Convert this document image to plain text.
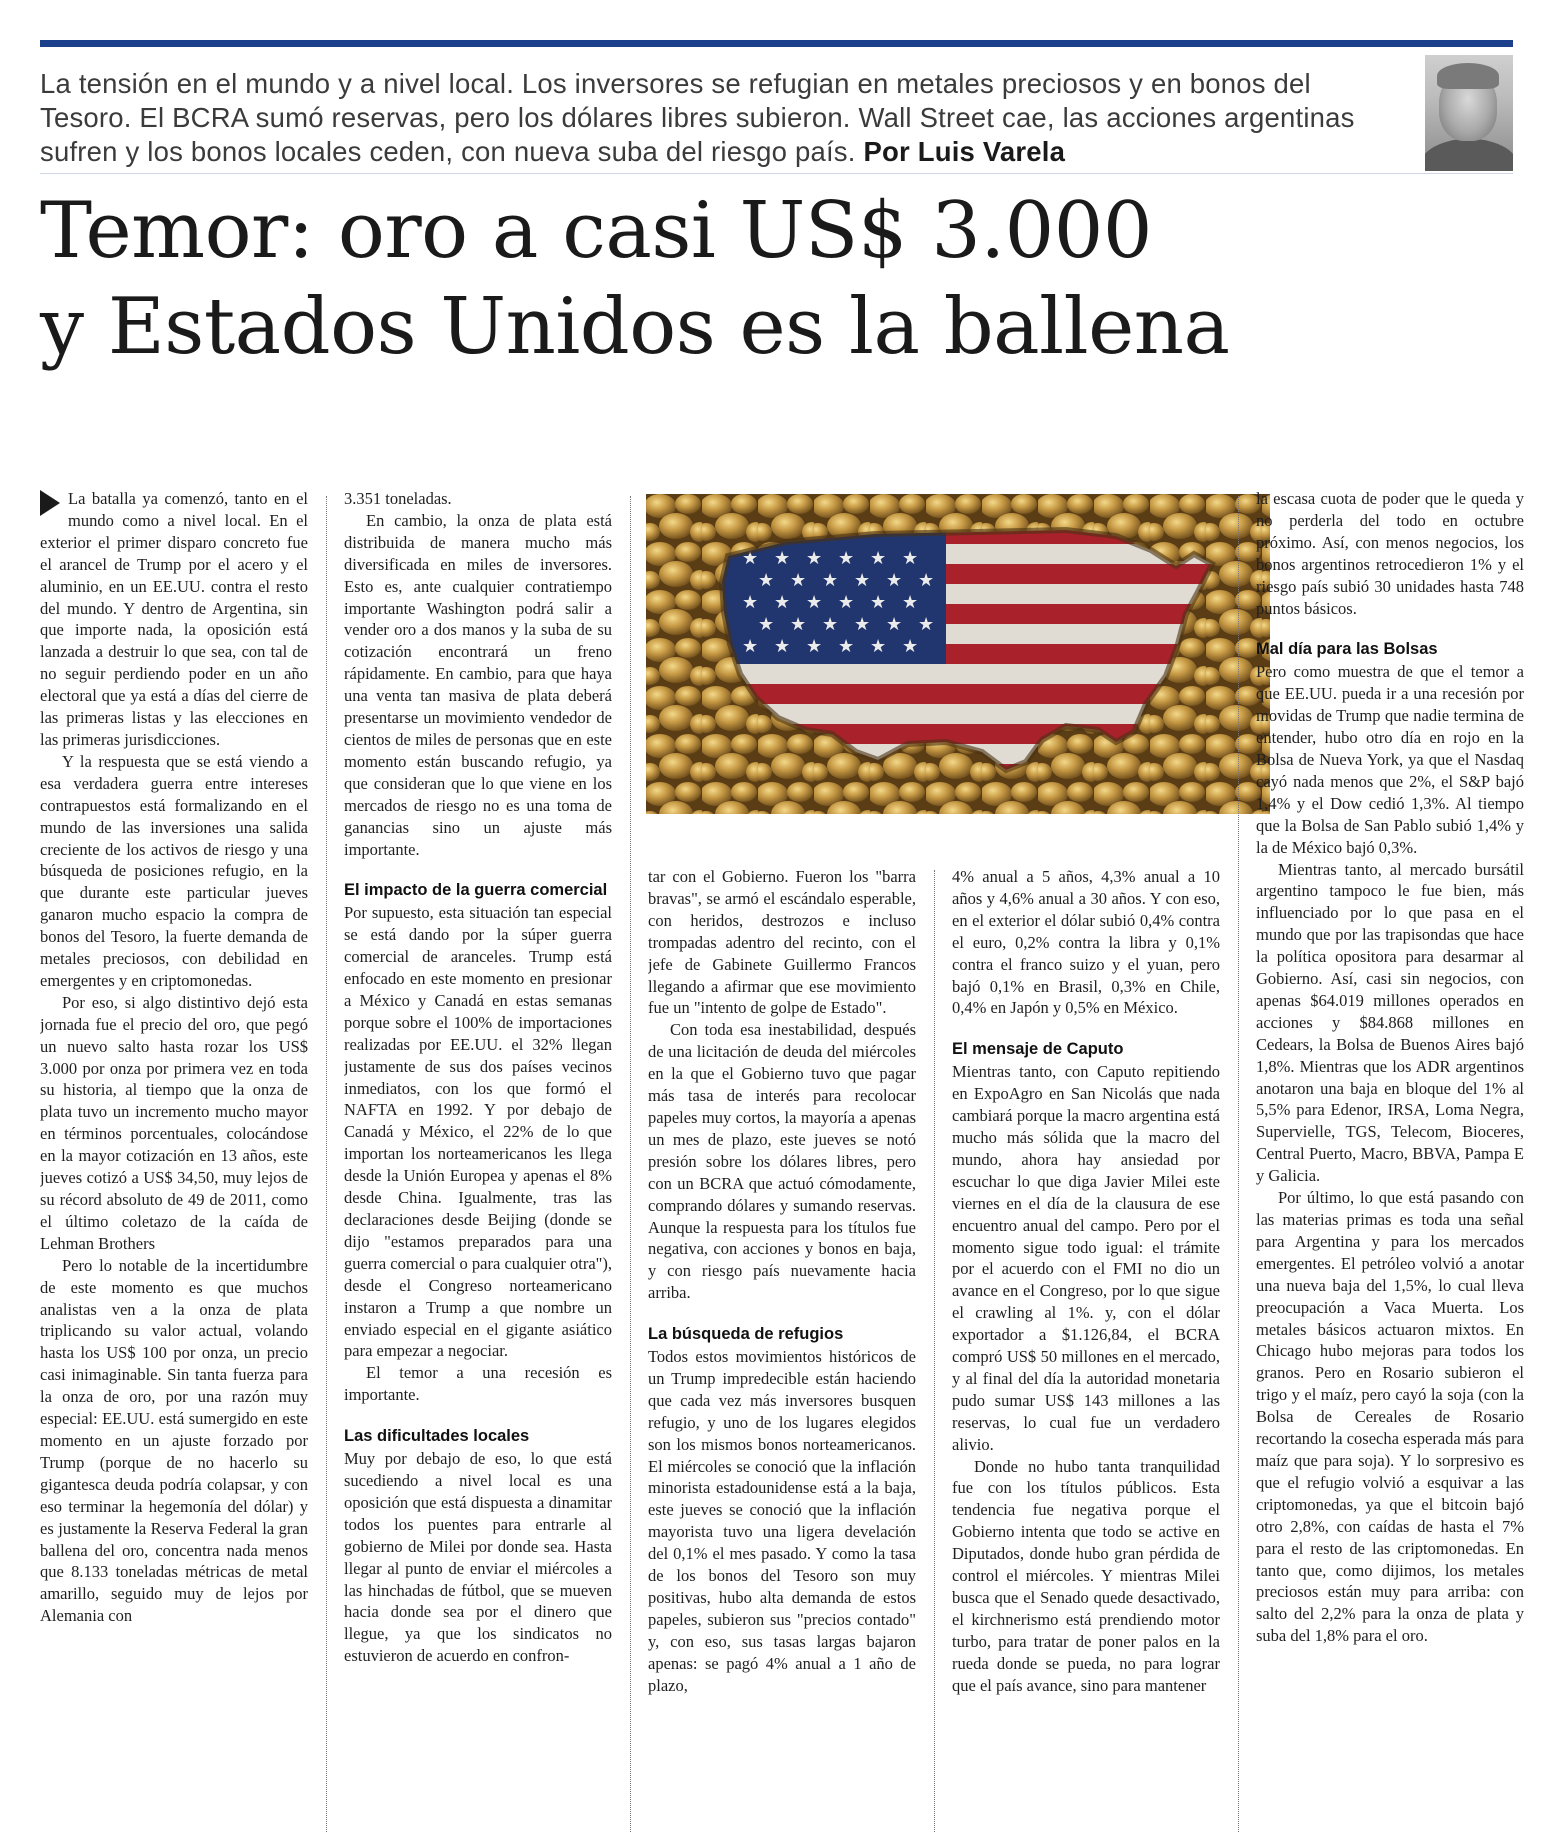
La tensión en el mundo y a nivel local. Los inversores se refugian en metales preciosos y en bonos del Tesoro. El BCRA sumó reservas, pero los dólares libres subieron. Wall Street cae, las acciones argentinas sufren y los bonos locales ceden, con nueva suba del riesgo país. Por Luis Varela
Temor: oro a casi US$ 3.000
y Estados Unidos es la ballena

La batalla ya comenzó, tanto en el mundo como a nivel local. En el exterior el primer disparo concreto fue el arancel de Trump por el acero y el aluminio, en un EE.UU. contra el resto del mundo. Y dentro de Argentina, sin que importe nada, la oposición está lanzada a destruir lo que sea, con tal de no seguir perdiendo poder en un año electoral que ya está a días del cierre de las primeras listas y las elecciones en las primeras jurisdicciones.

Y la respuesta que se está viendo a esa verdadera guerra entre intereses contrapuestos está formalizando en el mundo de las inversiones una salida creciente de los activos de riesgo y una búsqueda de posiciones refugio, en la que durante este particular jueves ganaron mucho espacio la compra de bonos del Tesoro, la fuerte demanda de metales preciosos, con debilidad en emergentes y en criptomonedas.

Por eso, si algo distintivo dejó esta jornada fue el precio del oro, que pegó un nuevo salto hasta rozar los US$ 3.000 por onza por primera vez en toda su historia, al tiempo que la onza de plata tuvo un incremento mucho mayor en términos porcentuales, colocándose en la mayor cotización en 13 años, este jueves cotizó a US$ 34,50, muy lejos de su récord absoluto de 49 de 2011, como el último coletazo de la caída de Lehman Brothers

Pero lo notable de la incertidumbre de este momento es que muchos analistas ven a la onza de plata triplicando su valor actual, volando hasta los US$ 100 por onza, un precio casi inimaginable. Sin tanta fuerza para la onza de oro, por una razón muy especial: EE.UU. está sumergido en este momento en un ajuste forzado por Trump (porque de no hacerlo su gigantesca deuda podría colapsar, y con eso terminar la hegemonía del dólar) y es justamente la Reserva Federal la gran ballena del oro, concentra nada menos que 8.133 toneladas métricas de metal amarillo, seguido muy de lejos por Alemania con

3.351 toneladas.

En cambio, la onza de plata está distribuida de manera mucho más diversificada en miles de inversores. Esto es, ante cualquier contratiempo importante Washington podrá salir a vender oro a dos manos y la suba de su cotización encontrará un freno rápidamente. En cambio, para que haya una venta tan masiva de plata deberá presentarse un movimiento vendedor de cientos de miles de personas que en este momento están buscando refugio, ya que consideran que lo que viene en los mercados de riesgo no es una toma de ganancias sino un ajuste más importante.

El impacto de la guerra comercial

Por supuesto, esta situación tan especial se está dando por la súper guerra comercial de aranceles. Trump está enfocado en este momento en presionar a México y Canadá en estas semanas porque sobre el 100% de importaciones realizadas por EE.UU. el 32% llegan justamente de sus dos países vecinos inmediatos, con los que formó el NAFTA en 1992. Y por debajo de Canadá y México, el 22% de lo que importan los norteamericanos les llega desde la Unión Europea y apenas el 8% desde China. Igualmente, tras las declaraciones desde Beijing (donde se dijo "estamos preparados para una guerra comercial o para cualquier otra"), desde el Congreso norteamericano instaron a Trump a que nombre un enviado especial en el gigante asiático para empezar a negociar.

El temor a una recesión es importante.

Las dificultades locales

Muy por debajo de eso, lo que está sucediendo a nivel local es una oposición que está dispuesta a dinamitar todos los puentes para entrarle al gobierno de Milei por donde sea. Hasta llegar al punto de enviar el miércoles a las hinchadas de fútbol, que se mueven hacia donde sea por el dinero que llegue, ya que los sindicatos no estuvieron de acuerdo en confron-

tar con el Gobierno. Fueron los "barra bravas", se armó el escándalo esperable, con heridos, destrozos e incluso trompadas adentro del recinto, con el jefe de Gabinete Guillermo Francos llegando a afirmar que ese movimiento fue un "intento de golpe de Estado".

Con toda esa inestabilidad, después de una licitación de deuda del miércoles en la que el Gobierno tuvo que pagar más tasa de interés para recolocar papeles muy cortos, la mayoría a apenas un mes de plazo, este jueves se notó presión sobre los dólares libres, pero con un BCRA que actuó cómodamente, comprando dólares y sumando reservas. Aunque la respuesta para los títulos fue negativa, con acciones y bonos en baja, y con riesgo país nuevamente hacia arriba.

La búsqueda de refugios

Todos estos movimientos históricos de un Trump impredecible están haciendo que cada vez más inversores busquen refugio, y uno de los lugares elegidos son los mismos bonos norteamericanos. El miércoles se conoció que la inflación minorista estadounidense está a la baja, este jueves se conoció que la inflación mayorista tuvo una ligera develación del 0,1% el mes pasado. Y como la tasa de los bonos del Tesoro son muy positivas, hubo alta demanda de estos papeles, subieron sus "precios contado" y, con eso, sus tasas largas bajaron apenas: se pagó 4% anual a 1 año de plazo,

4% anual a 5 años, 4,3% anual a 10 años y 4,6% anual a 30 años. Y con eso, en el exterior el dólar subió 0,4% contra el euro, 0,2% contra la libra y 0,1% contra el franco suizo y el yuan, pero bajó 0,1% en Brasil, 0,3% en Chile, 0,4% en Japón y 0,5% en México.

El mensaje de Caputo

Mientras tanto, con Caputo repitiendo en ExpoAgro en San Nicolás que nada cambiará porque la macro argentina está mucho más sólida que la macro del mundo, ahora hay ansiedad por escuchar lo que diga Javier Milei este viernes en el día de la clausura de ese encuentro anual del campo. Pero por el momento sigue todo igual: el trámite por el acuerdo con el FMI no dio un avance en el Congreso, por lo que sigue el crawling al 1%. y, con el dólar exportador a $1.126,84, el BCRA compró US$ 50 millones en el mercado, y al final del día la autoridad monetaria pudo sumar US$ 143 millones a las reservas, lo cual fue un verdadero alivio.

Donde no hubo tanta tranquilidad fue con los títulos públicos. Esta tendencia fue negativa porque el Gobierno intenta que todo se active en Diputados, donde hubo gran pérdida de control el miércoles. Y mientras Milei busca que el Senado quede desactivado, el kirchnerismo está prendiendo motor turbo, para tratar de poner palos en la rueda donde se pueda, no para lograr que el país avance, sino para mantener

la escasa cuota de poder que le queda y no perderla del todo en octubre próximo. Así, con menos negocios, los bonos argentinos retrocedieron 1% y el riesgo país subió 30 unidades hasta 748 puntos básicos.

Mal día para las Bolsas

Pero como muestra de que el temor a que EE.UU. pueda ir a una recesión por movidas de Trump que nadie termina de entender, hubo otro día en rojo en la Bolsa de Nueva York, ya que el Nasdaq cayó nada menos que 2%, el S&P bajó 1,4% y el Dow cedió 1,3%. Al tiempo que la Bolsa de San Pablo subió 1,4% y la de México bajó 0,3%.

Mientras tanto, al mercado bursátil argentino tampoco le fue bien, más influenciado por lo que pasa en el mundo que por las trapisondas que hace la política opositora para desarmar al Gobierno. Así, casi sin negocios, con apenas $64.019 millones operados en acciones y $84.868 millones en Cedears, la Bolsa de Buenos Aires bajó 1,8%. Mientras que los ADR argentinos anotaron una baja en bloque del 1% al 5,5% para Edenor, IRSA, Loma Negra, Supervielle, TGS, Telecom, Bioceres, Central Puerto, Macro, BBVA, Pampa E y Galicia.

Por último, lo que está pasando con las materias primas es toda una señal para Argentina y para los mercados emergentes. El petróleo volvió a anotar una nueva baja del 1,5%, lo cual lleva preocupación a Vaca Muerta. Los metales básicos actuaron mixtos. En Chicago hubo mejoras para todos los granos. Pero en Rosario subieron el trigo y el maíz, pero cayó la soja (con la Bolsa de Cereales de Rosario recortando la cosecha esperada más para maíz que para soja). Y lo sorpresivo es que el refugio volvió a esquivar a las criptomonedas, ya que el bitcoin bajó otro 2,8%, con caídas de hasta el 7% para el resto de las criptomonedas. En tanto que, como dijimos, los metales preciosos están muy para arriba: con salto del 2,2% para la onza de plata y suba del 1,8% para el oro.
